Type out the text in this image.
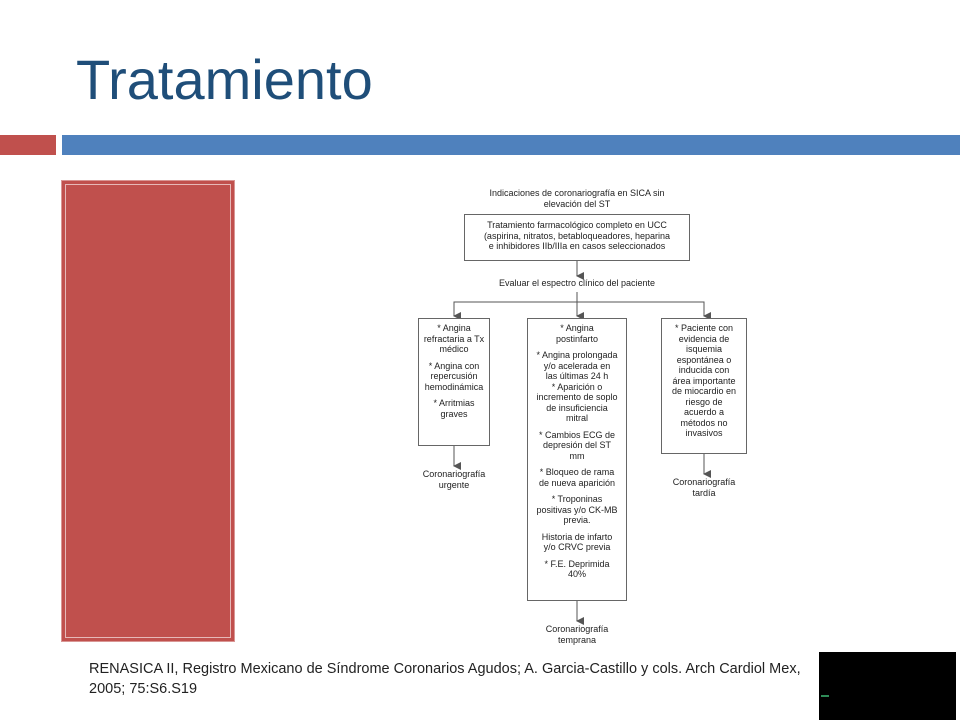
Tratamiento
Indicaciones de coronariografía en SICA sin
elevación del ST
Tratamiento farmacológico completo en UCC
(aspirina, nitratos, betabloqueadores, heparina
e inhibidores IIb/IIIa en casos seleccionados
Evaluar el espectro clínico del paciente
* Angina
refractaria a Tx
médico
* Angina con
repercusión
hemodinámica
* Arritmias
graves
Coronariografía
urgente
* Angina
postinfarto
* Angina prolongada
y/o acelerada en
las últimas 24 h
* Aparición o
incremento de soplo
de insuficiencia
mitral
* Cambios ECG de
depresión del ST
mm
* Bloqueo de rama
de nueva aparición
* Troponinas
positivas y/o CK-MB
previa.
Historia de infarto
y/o CRVC previa
* F.E. Deprimida
40%
Coronariografía
temprana
* Paciente con
evidencia de
isquemia
espontánea o
inducida con
área importante
de miocardio en
riesgo de
acuerdo a
métodos no
invasivos
Coronariografía
tardía
RENASICA II, Registro Mexicano de Síndrome Coronarios Agudos; A. Garcia-Castillo y cols. Arch Cardiol Mex, 2005; 75:S6.S19
